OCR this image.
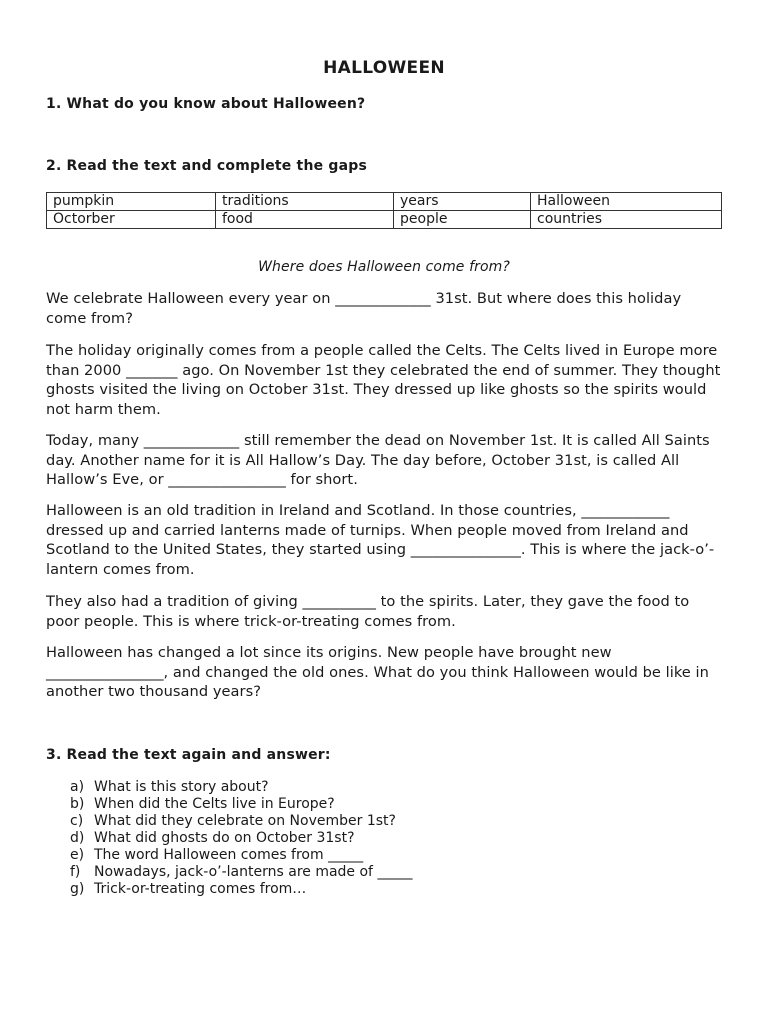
HALLOWEEN
1. What do you know about Halloween?
2. Read the text and complete the gaps
pumpkin	traditions	years	Halloween
Octorber	food	people	countries
Where does Halloween come from?
We celebrate Halloween every year on _____________ 31st. But where does this holiday come from?
The holiday originally comes from a people called the Celts. The Celts lived in Europe more than 2000 _______ ago. On November 1st they celebrated the end of summer. They thought ghosts visited the living on October 31st. They dressed up like ghosts so the spirits would not harm them.
Today, many _____________ still remember the dead on November 1st. It is called All Saints day. Another name for it is All Hallow’s Day. The day before, October 31st, is called All Hallow’s Eve, or ________________ for short.
Halloween is an old tradition in Ireland and Scotland. In those countries, ____________ dressed up and carried lanterns made of turnips. When people moved from Ireland and Scotland to the United States, they started using _______________. This is where the jack-o’-lantern comes from.
They also had a tradition of giving __________ to the spirits. Later, they gave the food to poor people. This is where trick-or-treating comes from.
Halloween has changed a lot since its origins. New people have brought new ________________, and changed the old ones. What do you think Halloween would be like in another two thousand years?
3. Read the text again and answer:
a) What is this story about?
b) When did the Celts live in Europe?
c) What did they celebrate on November 1st?
d) What did ghosts do on October 31st?
e) The word Halloween comes from _____
f) Nowadays, jack-o’-lanterns are made of _____
g) Trick-or-treating comes from…
